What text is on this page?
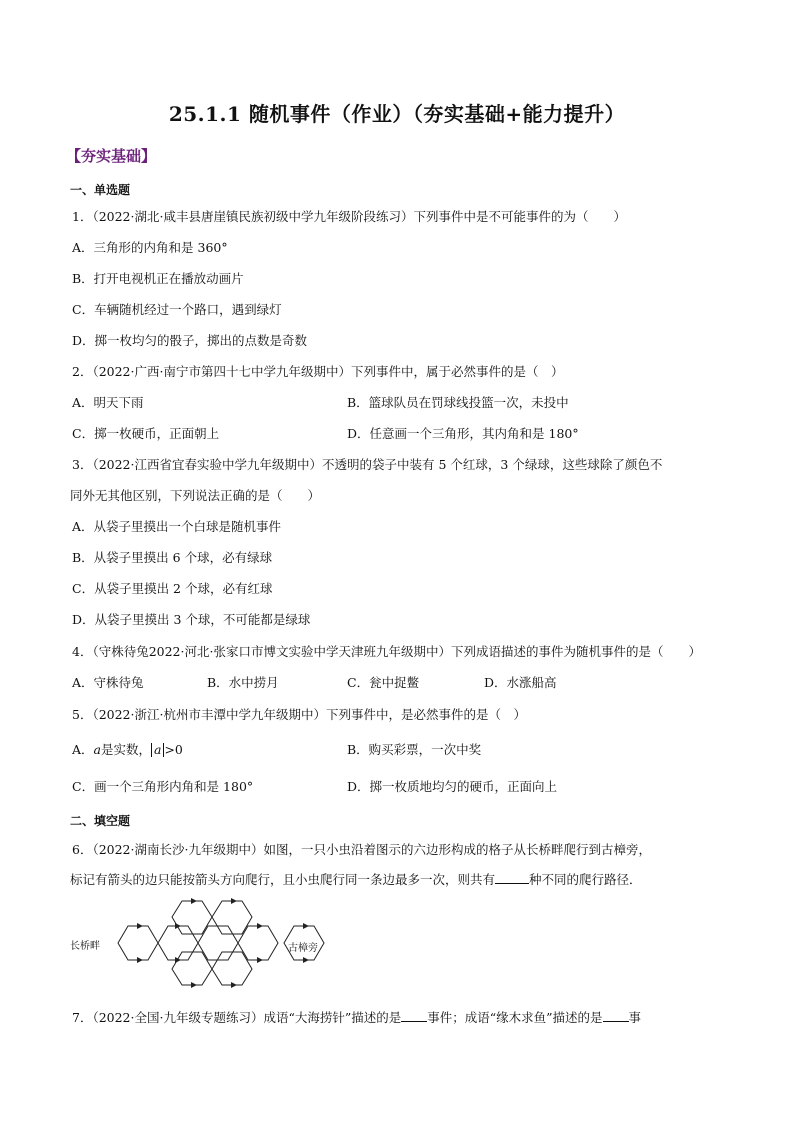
25.1.1 随机事件（作业）（夯实基础+能力提升）
【夯实基础】
一、单选题
1．（2022·湖北·咸丰县唐崖镇民族初级中学九年级阶段练习）下列事件中是不可能事件的为（　　）
A．三角形的内角和是 360°
B．打开电视机正在播放动画片
C．车辆随机经过一个路口，遇到绿灯
D．掷一枚均匀的骰子，掷出的点数是奇数
2．（2022·广西·南宁市第四十七中学九年级期中）下列事件中，属于必然事件的是（　）
A．明天下雨	B．篮球队员在罚球线投篮一次，未投中
C．掷一枚硬币，正面朝上	D．任意画一个三角形，其内角和是 180°
3．（2022·江西省宜春实验中学九年级期中）不透明的袋子中装有 5 个红球，3 个绿球，这些球除了颜色不
同外无其他区别，下列说法正确的是（　　）
A．从袋子里摸出一个白球是随机事件
B．从袋子里摸出 6 个球，必有绿球
C．从袋子里摸出 2 个球，必有红球
D．从袋子里摸出 3 个球，不可能都是绿球
4．（守株待兔2022·河北·张家口市博文实验中学天津班九年级期中）下列成语描述的事件为随机事件的是（　　）
A．守株待兔	B．水中捞月	C．瓮中捉鳖	D．水涨船高
5．（2022·浙江·杭州市丰潭中学九年级期中）下列事件中，是必然事件的是（　）
A．a是实数， a >0	B．购买彩票，一次中奖
C．画一个三角形内角和是 180°	D．掷一枚质地均匀的硬币，正面向上
二、填空题
6．（2022·湖南长沙·九年级期中）如图，一只小虫沿着图示的六边形构成的格子从长桥畔爬行到古樟旁，
标记有箭头的边只能按箭头方向爬行，且小虫爬行同一条边最多一次，则共有	种不同的爬行路径．
长桥畔	古樟旁
7．（2022·全国·九年级专题练习）成语“大海捞针”描述的是 事件；成语“缘木求鱼”描述的是 事
